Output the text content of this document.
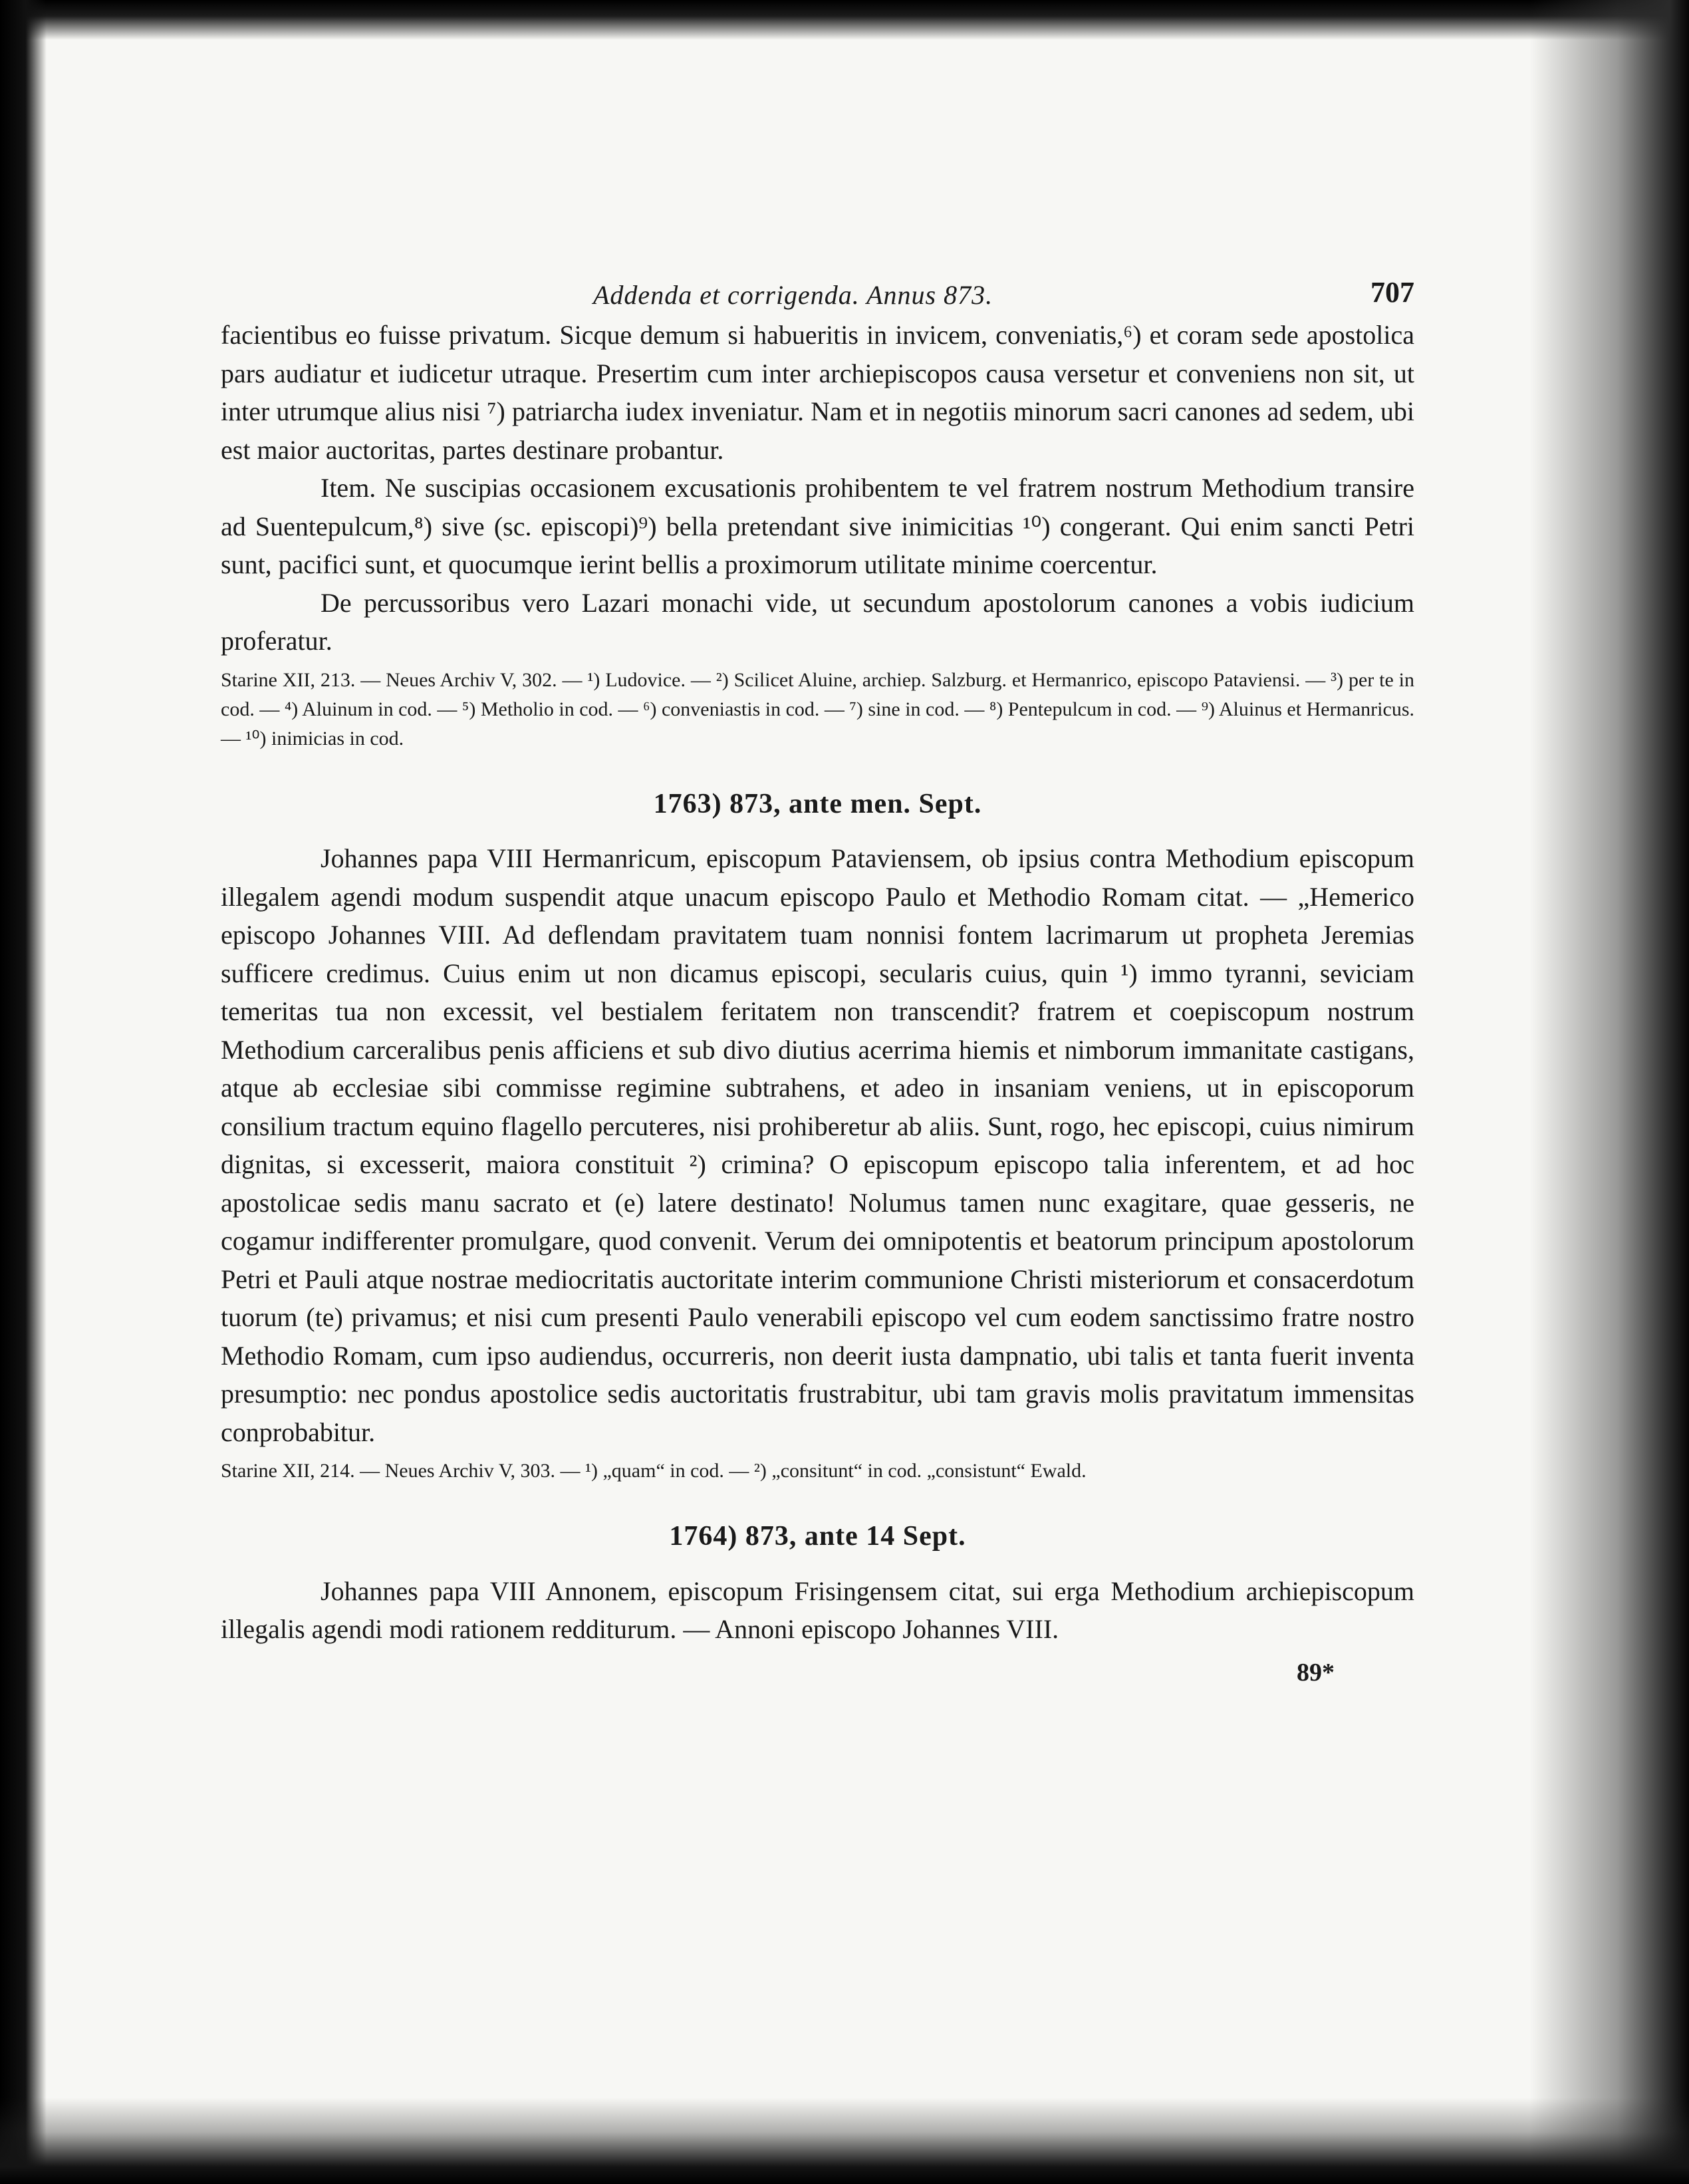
Addenda et corrigenda. Annus 873.	707

facientibus eo fuisse privatum. Sicque demum si habueritis in invicem, conveniatis,⁶) et coram sede apostolica pars audiatur et iudicetur utraque. Presertim cum inter archiepiscopos causa versetur et conveniens non sit, ut inter utrumque alius nisi ⁷) patriarcha iudex inveniatur. Nam et in negotiis minorum sacri canones ad sedem, ubi est maior auctoritas, partes destinare probantur.

Item. Ne suscipias occasionem excusationis prohibentem te vel fratrem nostrum Methodium transire ad Suentepulcum,⁸) sive (sc. episcopi)⁹) bella pretendant sive inimicitias ¹⁰) congerant. Qui enim sancti Petri sunt, pacifici sunt, et quocumque ierint bellis a proximorum utilitate minime coercentur.

De percussoribus vero Lazari monachi vide, ut secundum apostolorum canones a vobis iudicium proferatur.

Starine XII, 213. — Neues Archiv V, 302. — ¹) Ludovice. — ²) Scilicet Aluine, archiep. Salzburg. et Hermanrico, episcopo Pataviensi. — ³) per te in cod. — ⁴) Aluinum in cod. — ⁵) Metholio in cod. — ⁶) conveniastis in cod. — ⁷) sine in cod. — ⁸) Pentepulcum in cod. — ⁹) Aluinus et Hermanricus. — ¹⁰) inimicias in cod.

1763) 873, ante men. Sept.

Johannes papa VIII Hermanricum, episcopum Pataviensem, ob ipsius contra Methodium episcopum illegalem agendi modum suspendit atque unacum episcopo Paulo et Methodio Romam citat. — „Hemerico episcopo Johannes VIII. Ad deflendam pravitatem tuam nonnisi fontem lacrimarum ut propheta Jeremias sufficere credimus. Cuius enim ut non dicamus episcopi, secularis cuius, quin ¹) immo tyranni, seviciam temeritas tua non excessit, vel bestialem feritatem non transcendit? fratrem et coepiscopum nostrum Methodium carceralibus penis afficiens et sub divo diutius acerrima hiemis et nimborum immanitate castigans, atque ab ecclesiae sibi commisse regimine subtrahens, et adeo in insaniam veniens, ut in episcoporum consilium tractum equino flagello percuteres, nisi prohiberetur ab aliis. Sunt, rogo, hec episcopi, cuius nimirum dignitas, si excesserit, maiora constituit ²) crimina? O episcopum episcopo talia inferentem, et ad hoc apostolicae sedis manu sacrato et (e) latere destinato! Nolumus tamen nunc exagitare, quae gesseris, ne cogamur indifferenter promulgare, quod convenit. Verum dei omnipotentis et beatorum principum apostolorum Petri et Pauli atque nostrae mediocritatis auctoritate interim communione Christi misteriorum et consacerdotum tuorum (te) privamus; et nisi cum presenti Paulo venerabili episcopo vel cum eodem sanctissimo fratre nostro Methodio Romam, cum ipso audiendus, occurreris, non deerit iusta dampnatio, ubi talis et tanta fuerit inventa presumptio: nec pondus apostolice sedis auctoritatis frustrabitur, ubi tam gravis molis pravitatum immensitas conprobabitur.

Starine XII, 214. — Neues Archiv V, 303. — ¹) „quam“ in cod. — ²) „consitunt“ in cod. „consistunt“ Ewald.

1764) 873, ante 14 Sept.

Johannes papa VIII Annonem, episcopum Frisingensem citat, sui erga Methodium archiepiscopum illegalis agendi modi rationem redditurum. — Annoni episcopo Johannes VIII.

89*
